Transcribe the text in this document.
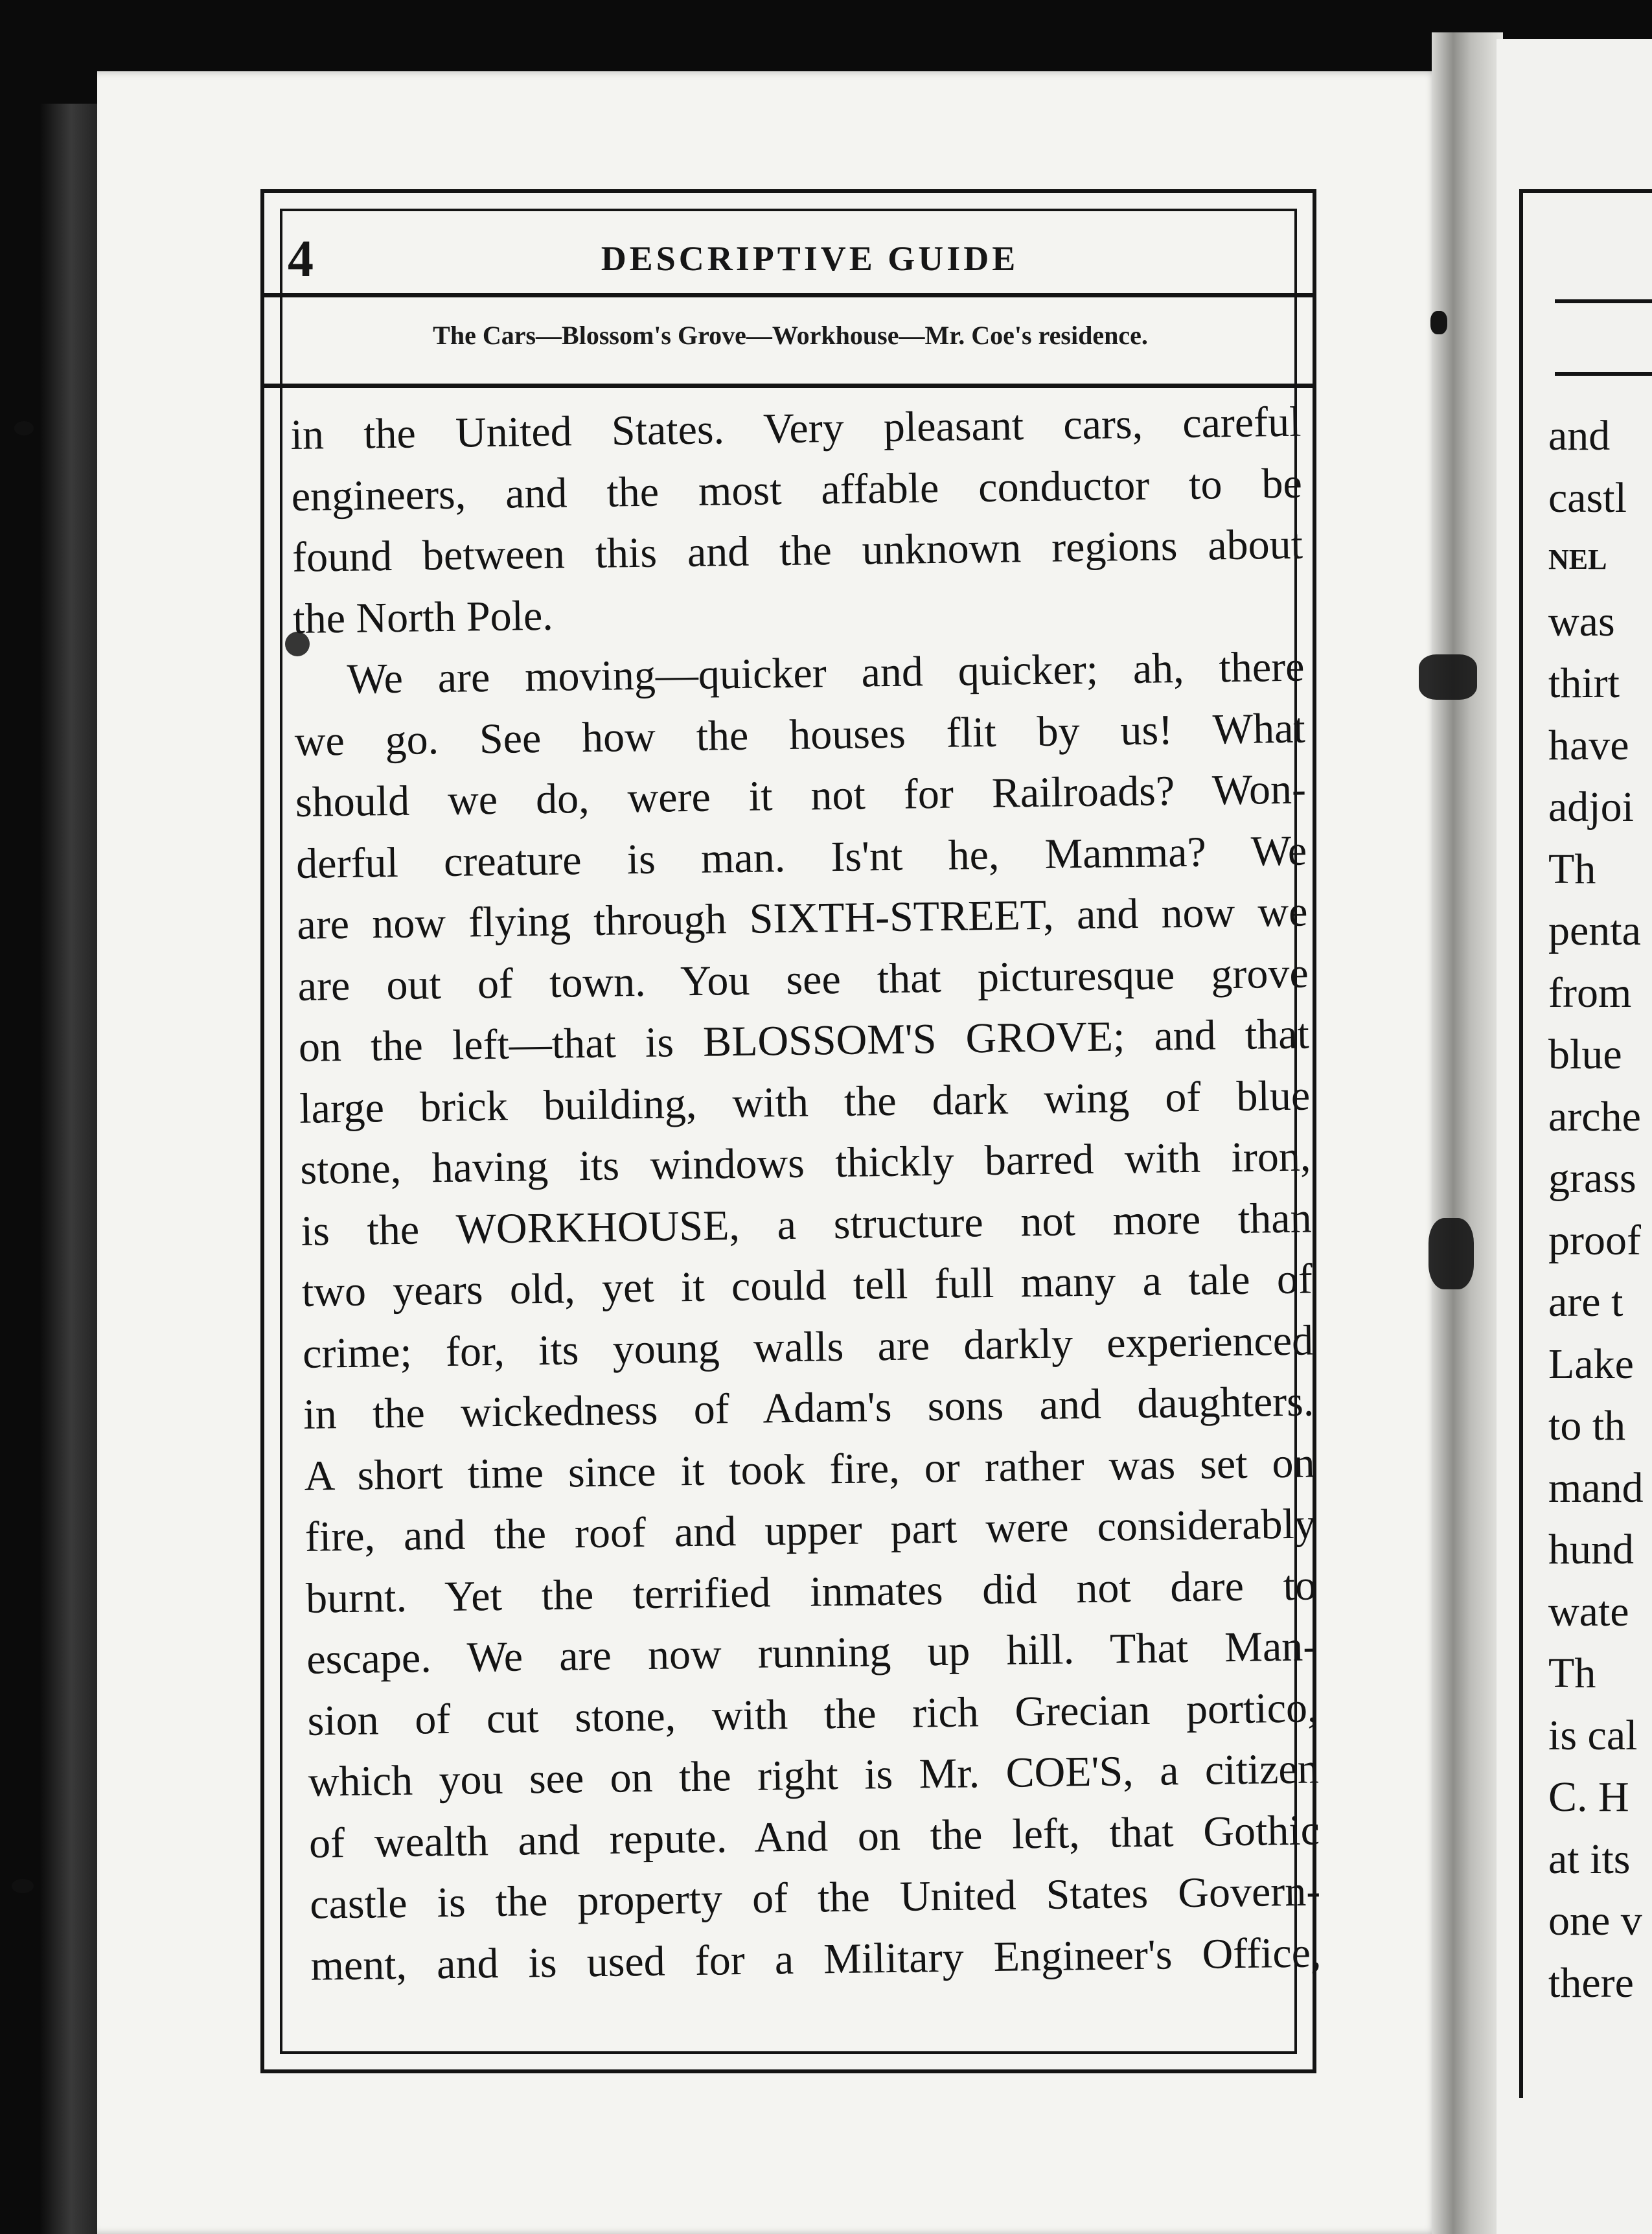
4	DESCRIPTIVE GUIDE
The Cars—Blossom's Grove—Workhouse—Mr. Coe's residence.
in the United States. Very pleasant cars, careful
engineers, and the most affable conductor to be
found between this and the unknown regions about
the North Pole.
We are moving—quicker and quicker; ah, there
we go. See how the houses flit by us! What
should we do, were it not for Railroads? Won-
derful creature is man. Is'nt he, Mamma? We
are now flying through SIXTH-STREET, and now we
are out of town. You see that picturesque grove
on the left—that is BLOSSOM'S GROVE; and that
large brick building, with the dark wing of blue
stone, having its windows thickly barred with iron,
is the WORKHOUSE, a structure not more than
two years old, yet it could tell full many a tale of
crime; for, its young walls are darkly experienced
in the wickedness of Adam's sons and daughters.
A short time since it took fire, or rather was set on
fire, and the roof and upper part were considerably
burnt. Yet the terrified inmates did not dare to
escape. We are now running up hill. That Man-
sion of cut stone, with the rich Grecian portico,
which you see on the right is Mr. COE'S, a citizen
of wealth and repute. And on the left, that Gothic
castle is the property of the United States Govern-
ment, and is used for a Military Engineer's Office,
and
castl
NEL
was
thirt
have
adjoi
Th
penta
from
blue
arche
grass
proof
are t
Lake
to th
mand
hund
wate
Th
is cal
C. H
at its
one v
there
